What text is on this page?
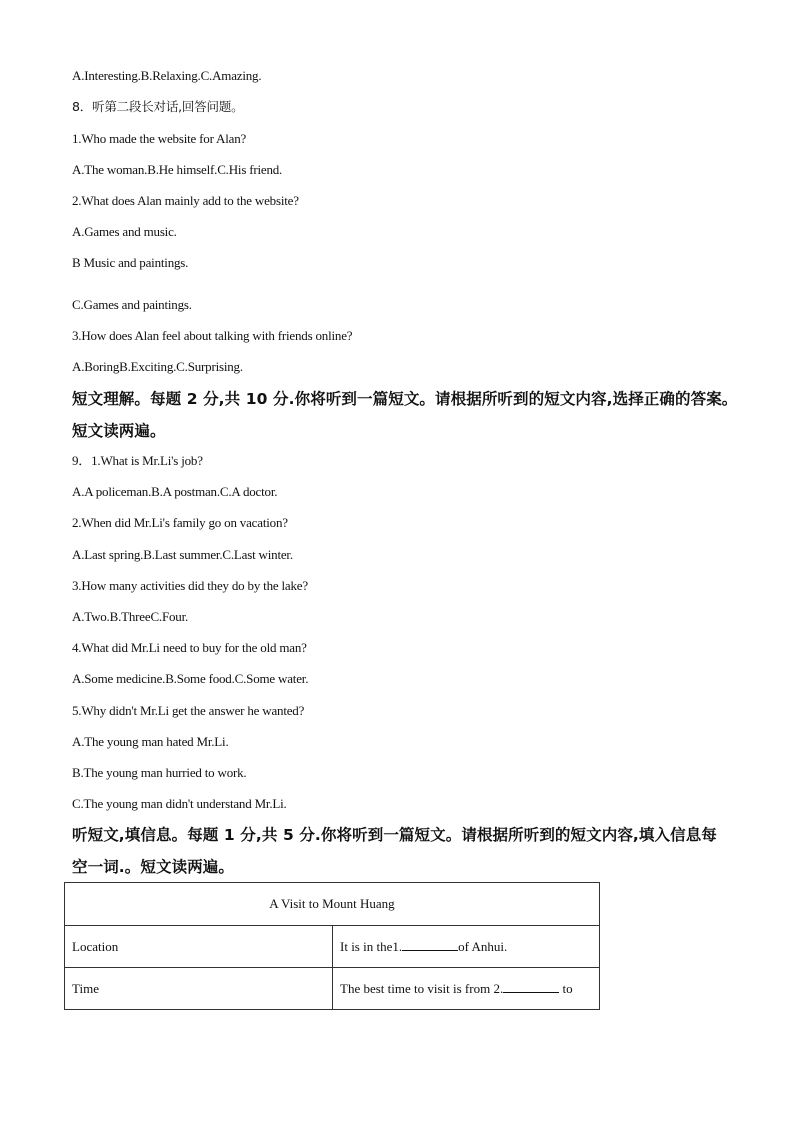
A.Interesting.B.Relaxing.C.Amazing.
8．听第二段长对话,回答问题。
1.Who made the website for Alan?
A.The woman.B.He himself.C.His friend.
2.What does Alan mainly add to the website?
A.Games and music.
B Music and paintings.
C.Games and paintings.
3.How does Alan feel about talking with friends online?
A.BoringB.Exciting.C.Surprising.
短文理解。每题 2 分,共 10 分.你将听到一篇短文。请根据所听到的短文内容,选择正确的答案。
短文读两遍。
9．1.What is Mr.Li's job?
A.A policeman.B.A postman.C.A doctor.
2.When did Mr.Li's family go on vacation?
A.Last spring.B.Last summer.C.Last winter.
3.How many activities did they do by the lake?
A.Two.B.ThreeC.Four.
4.What did Mr.Li need to buy for the old man?
A.Some medicine.B.Some food.C.Some water.
5.Why didn't Mr.Li get the answer he wanted?
A.The young man hated Mr.Li.
B.The young man hurried to work.
C.The young man didn't understand Mr.Li.
听短文,填信息。每题 1 分,共 5 分.你将听到一篇短文。请根据所听到的短文内容,填入信息每
空一词.。短文读两遍。
A Visit to Mount Huang	
Location	It is in the1. of Anhui.
Time	The best time to visit is from 2. to
